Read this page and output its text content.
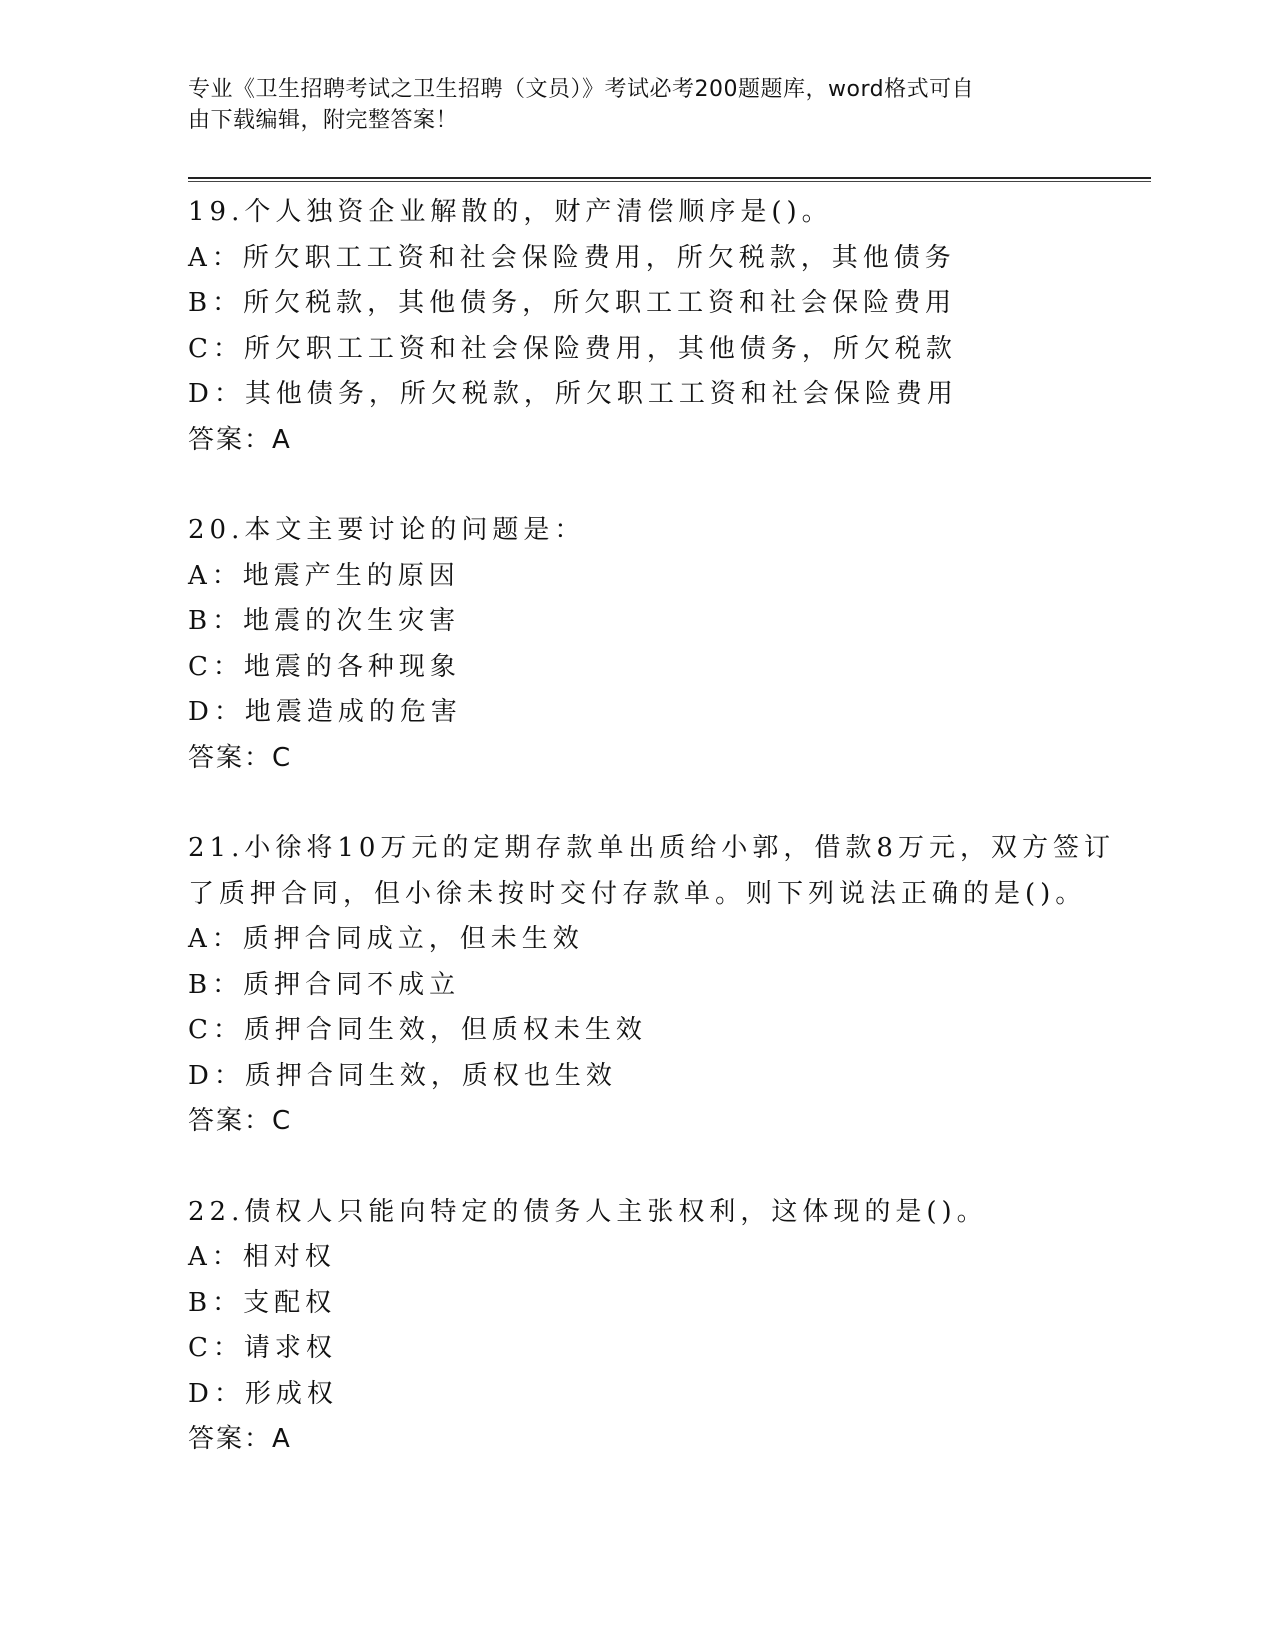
专业《卫生招聘考试之卫生招聘（文员）》考试必考200题题库，word格式可自
由下载编辑，附完整答案！
19.个人独资企业解散的，财产清偿顺序是()。
A：所欠职工工资和社会保险费用，所欠税款，其他债务
B：所欠税款，其他债务，所欠职工工资和社会保险费用
C：所欠职工工资和社会保险费用，其他债务，所欠税款
D：其他债务，所欠税款，所欠职工工资和社会保险费用
答案：A
20.本文主要讨论的问题是：
A：地震产生的原因
B：地震的次生灾害
C：地震的各种现象
D：地震造成的危害
答案：C
21.小徐将10万元的定期存款单出质给小郭，借款8万元，双方签订
了质押合同，但小徐未按时交付存款单。则下列说法正确的是()。
A：质押合同成立，但未生效
B：质押合同不成立
C：质押合同生效，但质权未生效
D：质押合同生效，质权也生效
答案：C
22.债权人只能向特定的债务人主张权利，这体现的是()。
A：相对权
B：支配权
C：请求权
D：形成权
答案：A
